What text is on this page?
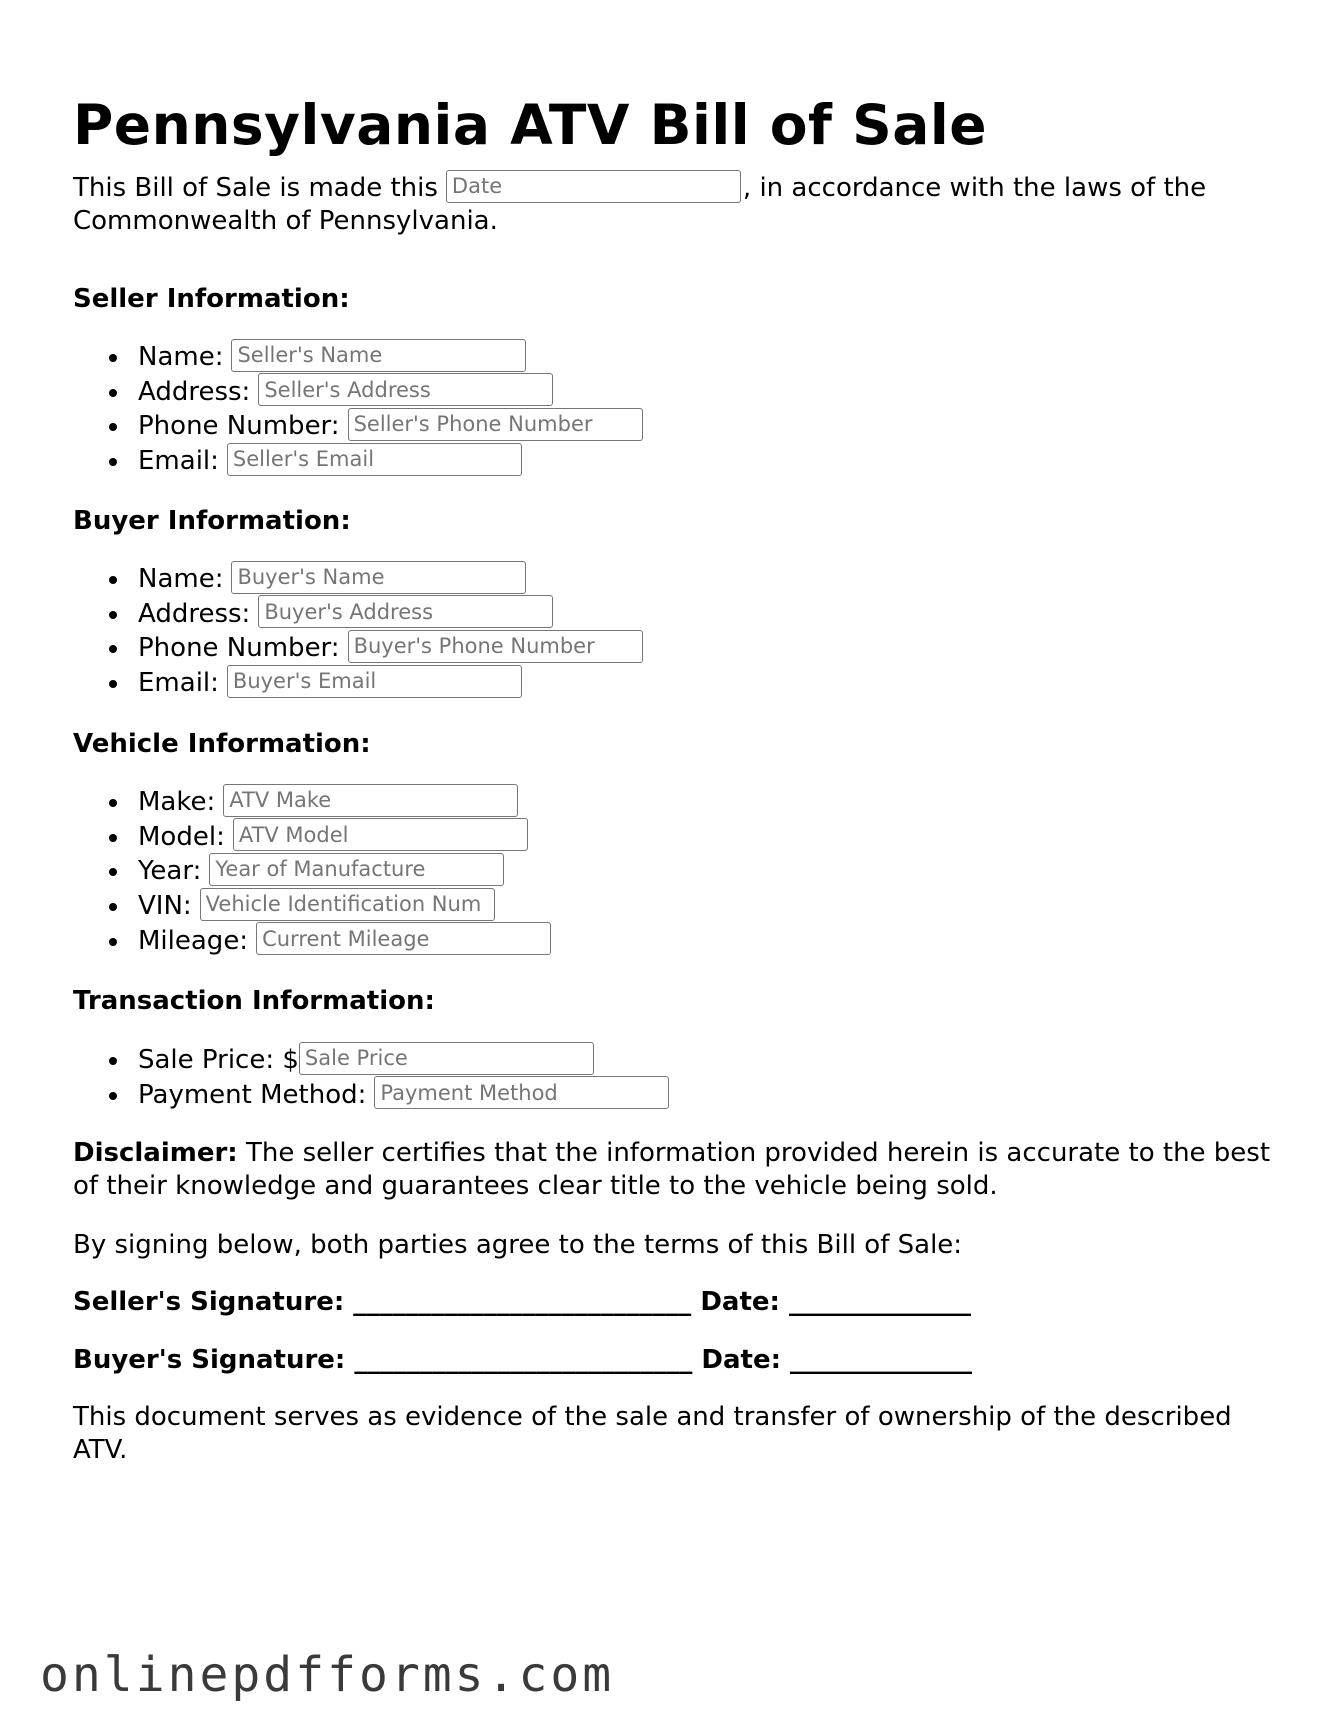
Pennsylvania ATV Bill of Sale
This Bill of Sale is made thisDate	, in accordance with the laws of the Commonwealth of Pennsylvania.
Seller Information:
Name:Seller's Name
Address:Seller's Address
Phone Number:Seller's Phone Number
Email:Seller's Email
Buyer Information:
Name:Buyer's Name
Address:Buyer's Address
Phone Number:Buyer's Phone Number
Email:Buyer's Email
Vehicle Information:
Make:ATV Make
Model:ATV Model
Year:Year of Manufacture
VIN:Vehicle Identification Num
Mileage:Current Mileage
Transaction Information:
Sale Price: $Sale Price
Payment Method:Payment Method
Disclaimer: The seller certifies that the information provided herein is accurate to the best of their knowledge and guarantees clear title to the vehicle being sold.
By signing below, both parties agree to the terms of this Bill of Sale:
Seller's Signature: __________________________ Date: ______________
Buyer's Signature: __________________________ Date: ______________
This document serves as evidence of the sale and transfer of ownership of the described ATV.
onlinepdfforms.com
